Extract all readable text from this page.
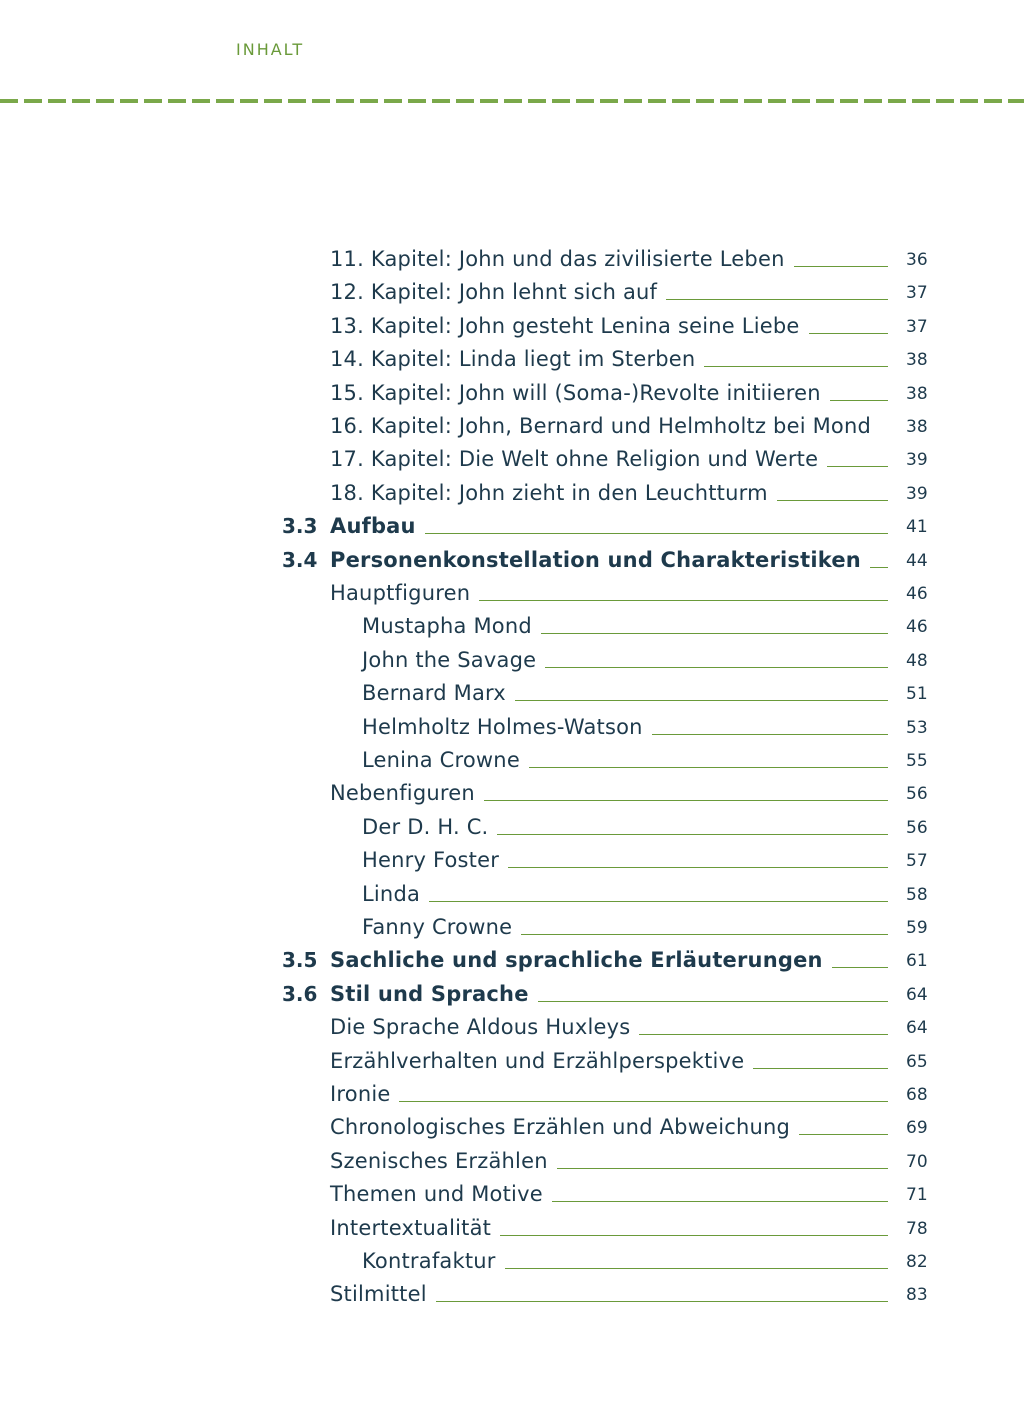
INHALT
11. Kapitel: John und das zivilisierte Leben	36
12. Kapitel: John lehnt sich auf	37
13. Kapitel: John gesteht Lenina seine Liebe	37
14. Kapitel: Linda liegt im Sterben	38
15. Kapitel: John will (Soma-)Revolte initiieren	38
16. Kapitel: John, Bernard und Helmholtz bei Mond 38
17. Kapitel: Die Welt ohne Religion und Werte	39
18. Kapitel: John zieht in den Leuchtturm	39
3.3 Aufbau	41
3.4 Personenkonstellation und Charakteristiken	44
Hauptfiguren	46
Mustapha Mond	46
John the Savage	48
Bernard Marx	51
Helmholtz Holmes-Watson	53
Lenina Crowne	55
Nebenfiguren	56
Der D. H. C.	56
Henry Foster	57
Linda	58
Fanny Crowne	59
3.5 Sachliche und sprachliche Erläuterungen	61
3.6 Stil und Sprache	64
Die Sprache Aldous Huxleys	64
Erzählverhalten und Erzählperspektive	65
Ironie	68
Chronologisches Erzählen und Abweichung	69
Szenisches Erzählen	70
Themen und Motive	71
Intertextualität	78
Kontrafaktur	82
Stilmittel	83
